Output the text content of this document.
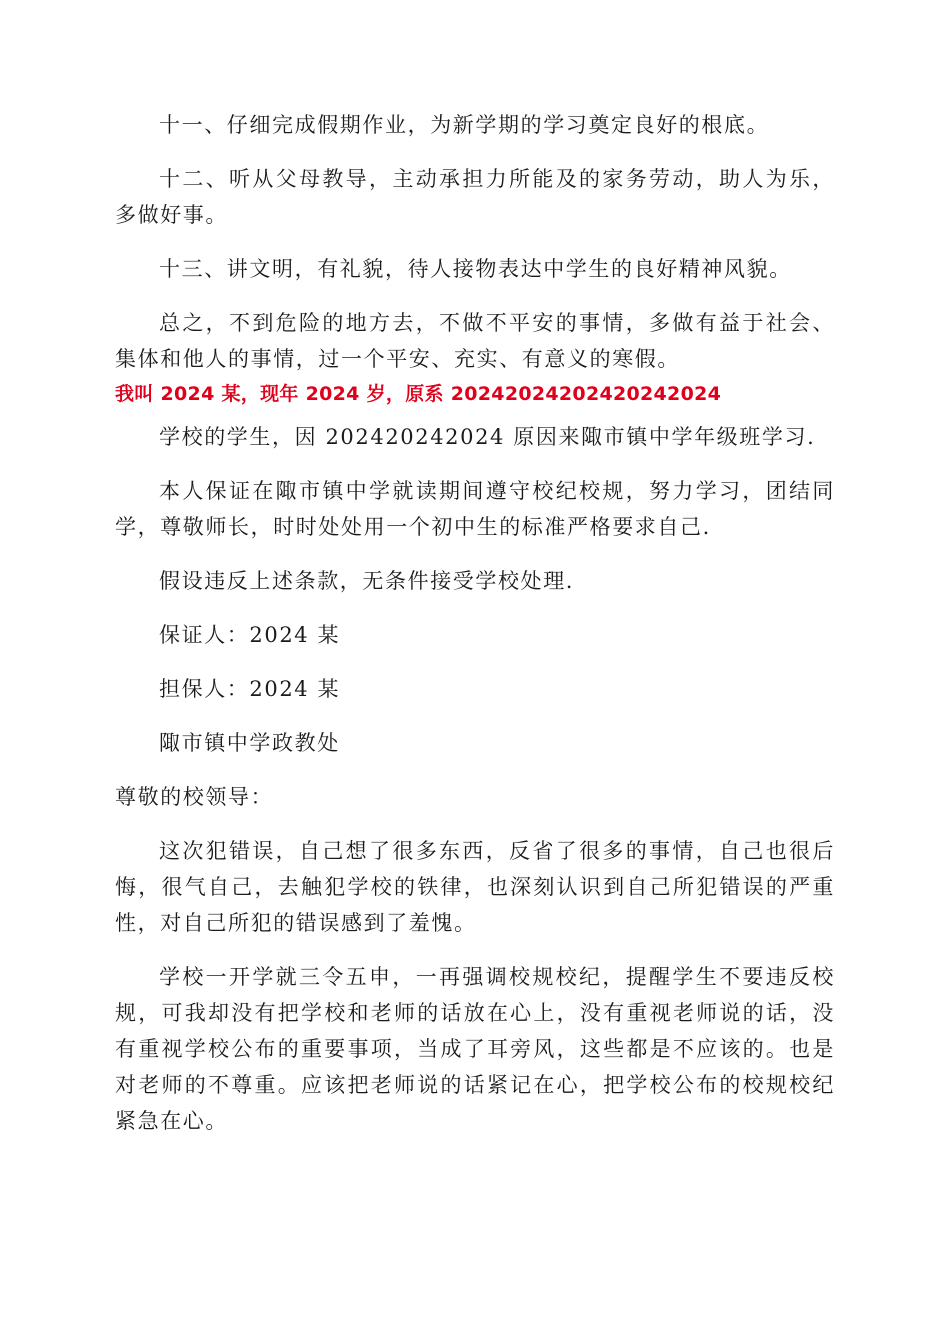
十一、仔细完成假期作业，为新学期的学习奠定良好的根底。

十二、听从父母教导，主动承担力所能及的家务劳动，助人为乐，多做好事。

十三、讲文明，有礼貌，待人接物表达中学生的良好精神风貌。

总之，不到危险的地方去，不做不平安的事情，多做有益于社会、集体和他人的事情，过一个平安、充实、有意义的寒假。

我叫 2024 某，现年 2024 岁，原系 20242024202420242024

学校的学生，因 202420242024 原因来陬市镇中学年级班学习.

本人保证在陬市镇中学就读期间遵守校纪校规，努力学习，团结同学，尊敬师长，时时处处用一个初中生的标准严格要求自己.

假设违反上述条款，无条件接受学校处理.

保证人：2024 某

担保人：2024 某

陬市镇中学政教处

尊敬的校领导：

这次犯错误，自己想了很多东西，反省了很多的事情，自己也很后悔，很气自己，去触犯学校的铁律，也深刻认识到自己所犯错误的严重性，对自己所犯的错误感到了羞愧。

学校一开学就三令五申，一再强调校规校纪，提醒学生不要违反校规，可我却没有把学校和老师的话放在心上，没有重视老师说的话，没有重视学校公布的重要事项，当成了耳旁风，这些都是不应该的。也是对老师的不尊重。应该把老师说的话紧记在心，把学校公布的校规校纪紧急在心。
